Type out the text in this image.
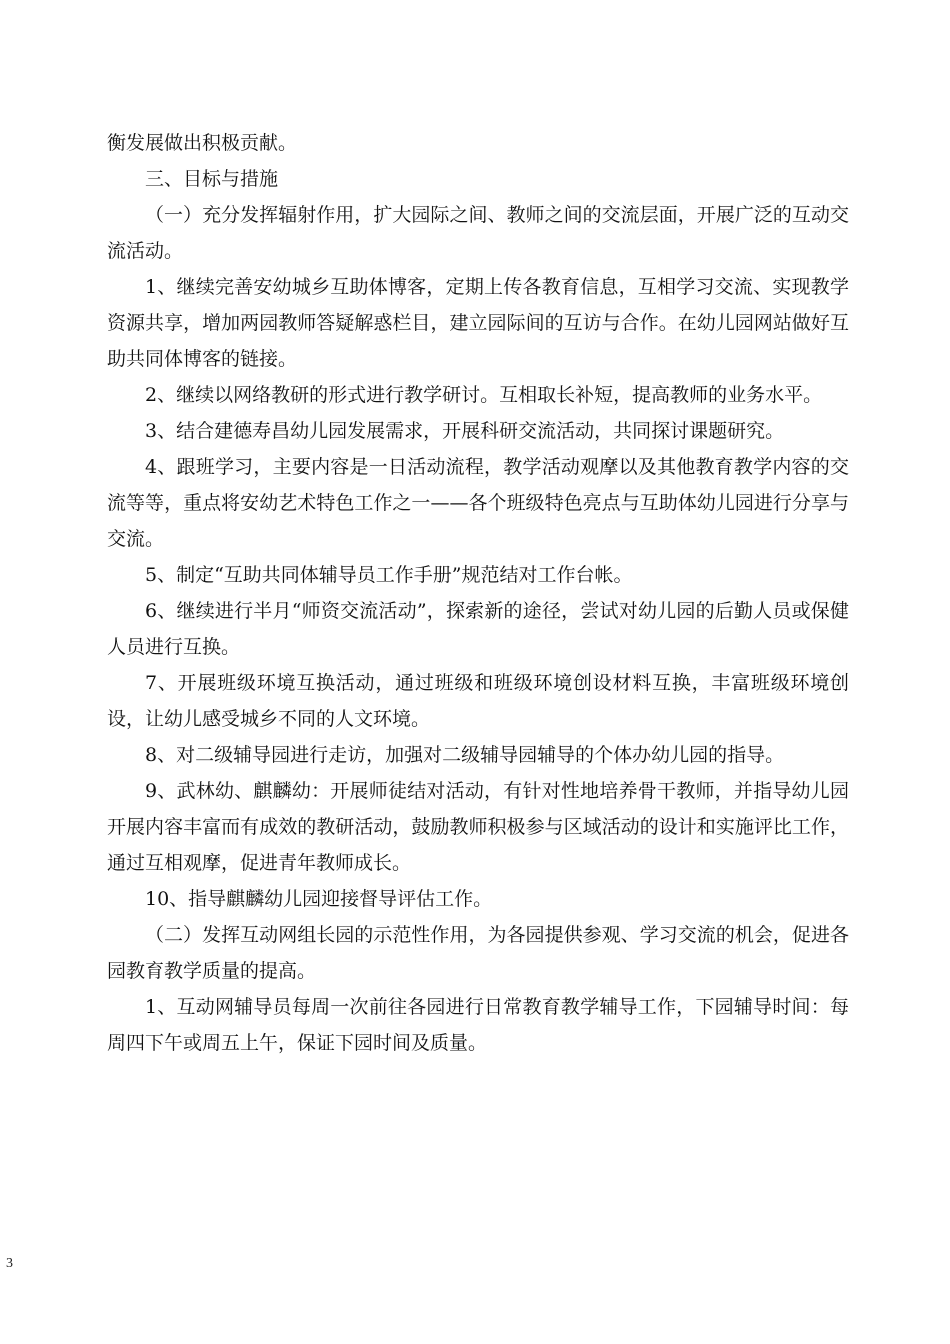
衡发展做出积极贡献。

三、目标与措施

（一）充分发挥辐射作用，扩大园际之间、教师之间的交流层面，开展广泛的互动交流活动。

1、继续完善安幼城乡互助体博客，定期上传各教育信息，互相学习交流、实现教学资源共享，增加两园教师答疑解惑栏目，建立园际间的互访与合作。在幼儿园网站做好互助共同体博客的链接。

2、继续以网络教研的形式进行教学研讨。互相取长补短，提高教师的业务水平。

3、结合建德寿昌幼儿园发展需求，开展科研交流活动，共同探讨课题研究。

4、跟班学习，主要内容是一日活动流程，教学活动观摩以及其他教育教学内容的交流等等，重点将安幼艺术特色工作之一——各个班级特色亮点与互助体幼儿园进行分享与交流。

5、制定“互助共同体辅导员工作手册”规范结对工作台帐。

6、继续进行半月“师资交流活动”，探索新的途径，尝试对幼儿园的后勤人员或保健人员进行互换。

7、开展班级环境互换活动，通过班级和班级环境创设材料互换，丰富班级环境创设，让幼儿感受城乡不同的人文环境。

8、对二级辅导园进行走访，加强对二级辅导园辅导的个体办幼儿园的指导。

9、武林幼、麒麟幼：开展师徒结对活动，有针对性地培养骨干教师，并指导幼儿园开展内容丰富而有成效的教研活动，鼓励教师积极参与区域活动的设计和实施评比工作，通过互相观摩，促进青年教师成长。

10、指导麒麟幼儿园迎接督导评估工作。

（二）发挥互动网组长园的示范性作用，为各园提供参观、学习交流的机会，促进各园教育教学质量的提高。

1、互动网辅导员每周一次前往各园进行日常教育教学辅导工作，下园辅导时间：每周四下午或周五上午，保证下园时间及质量。

3
